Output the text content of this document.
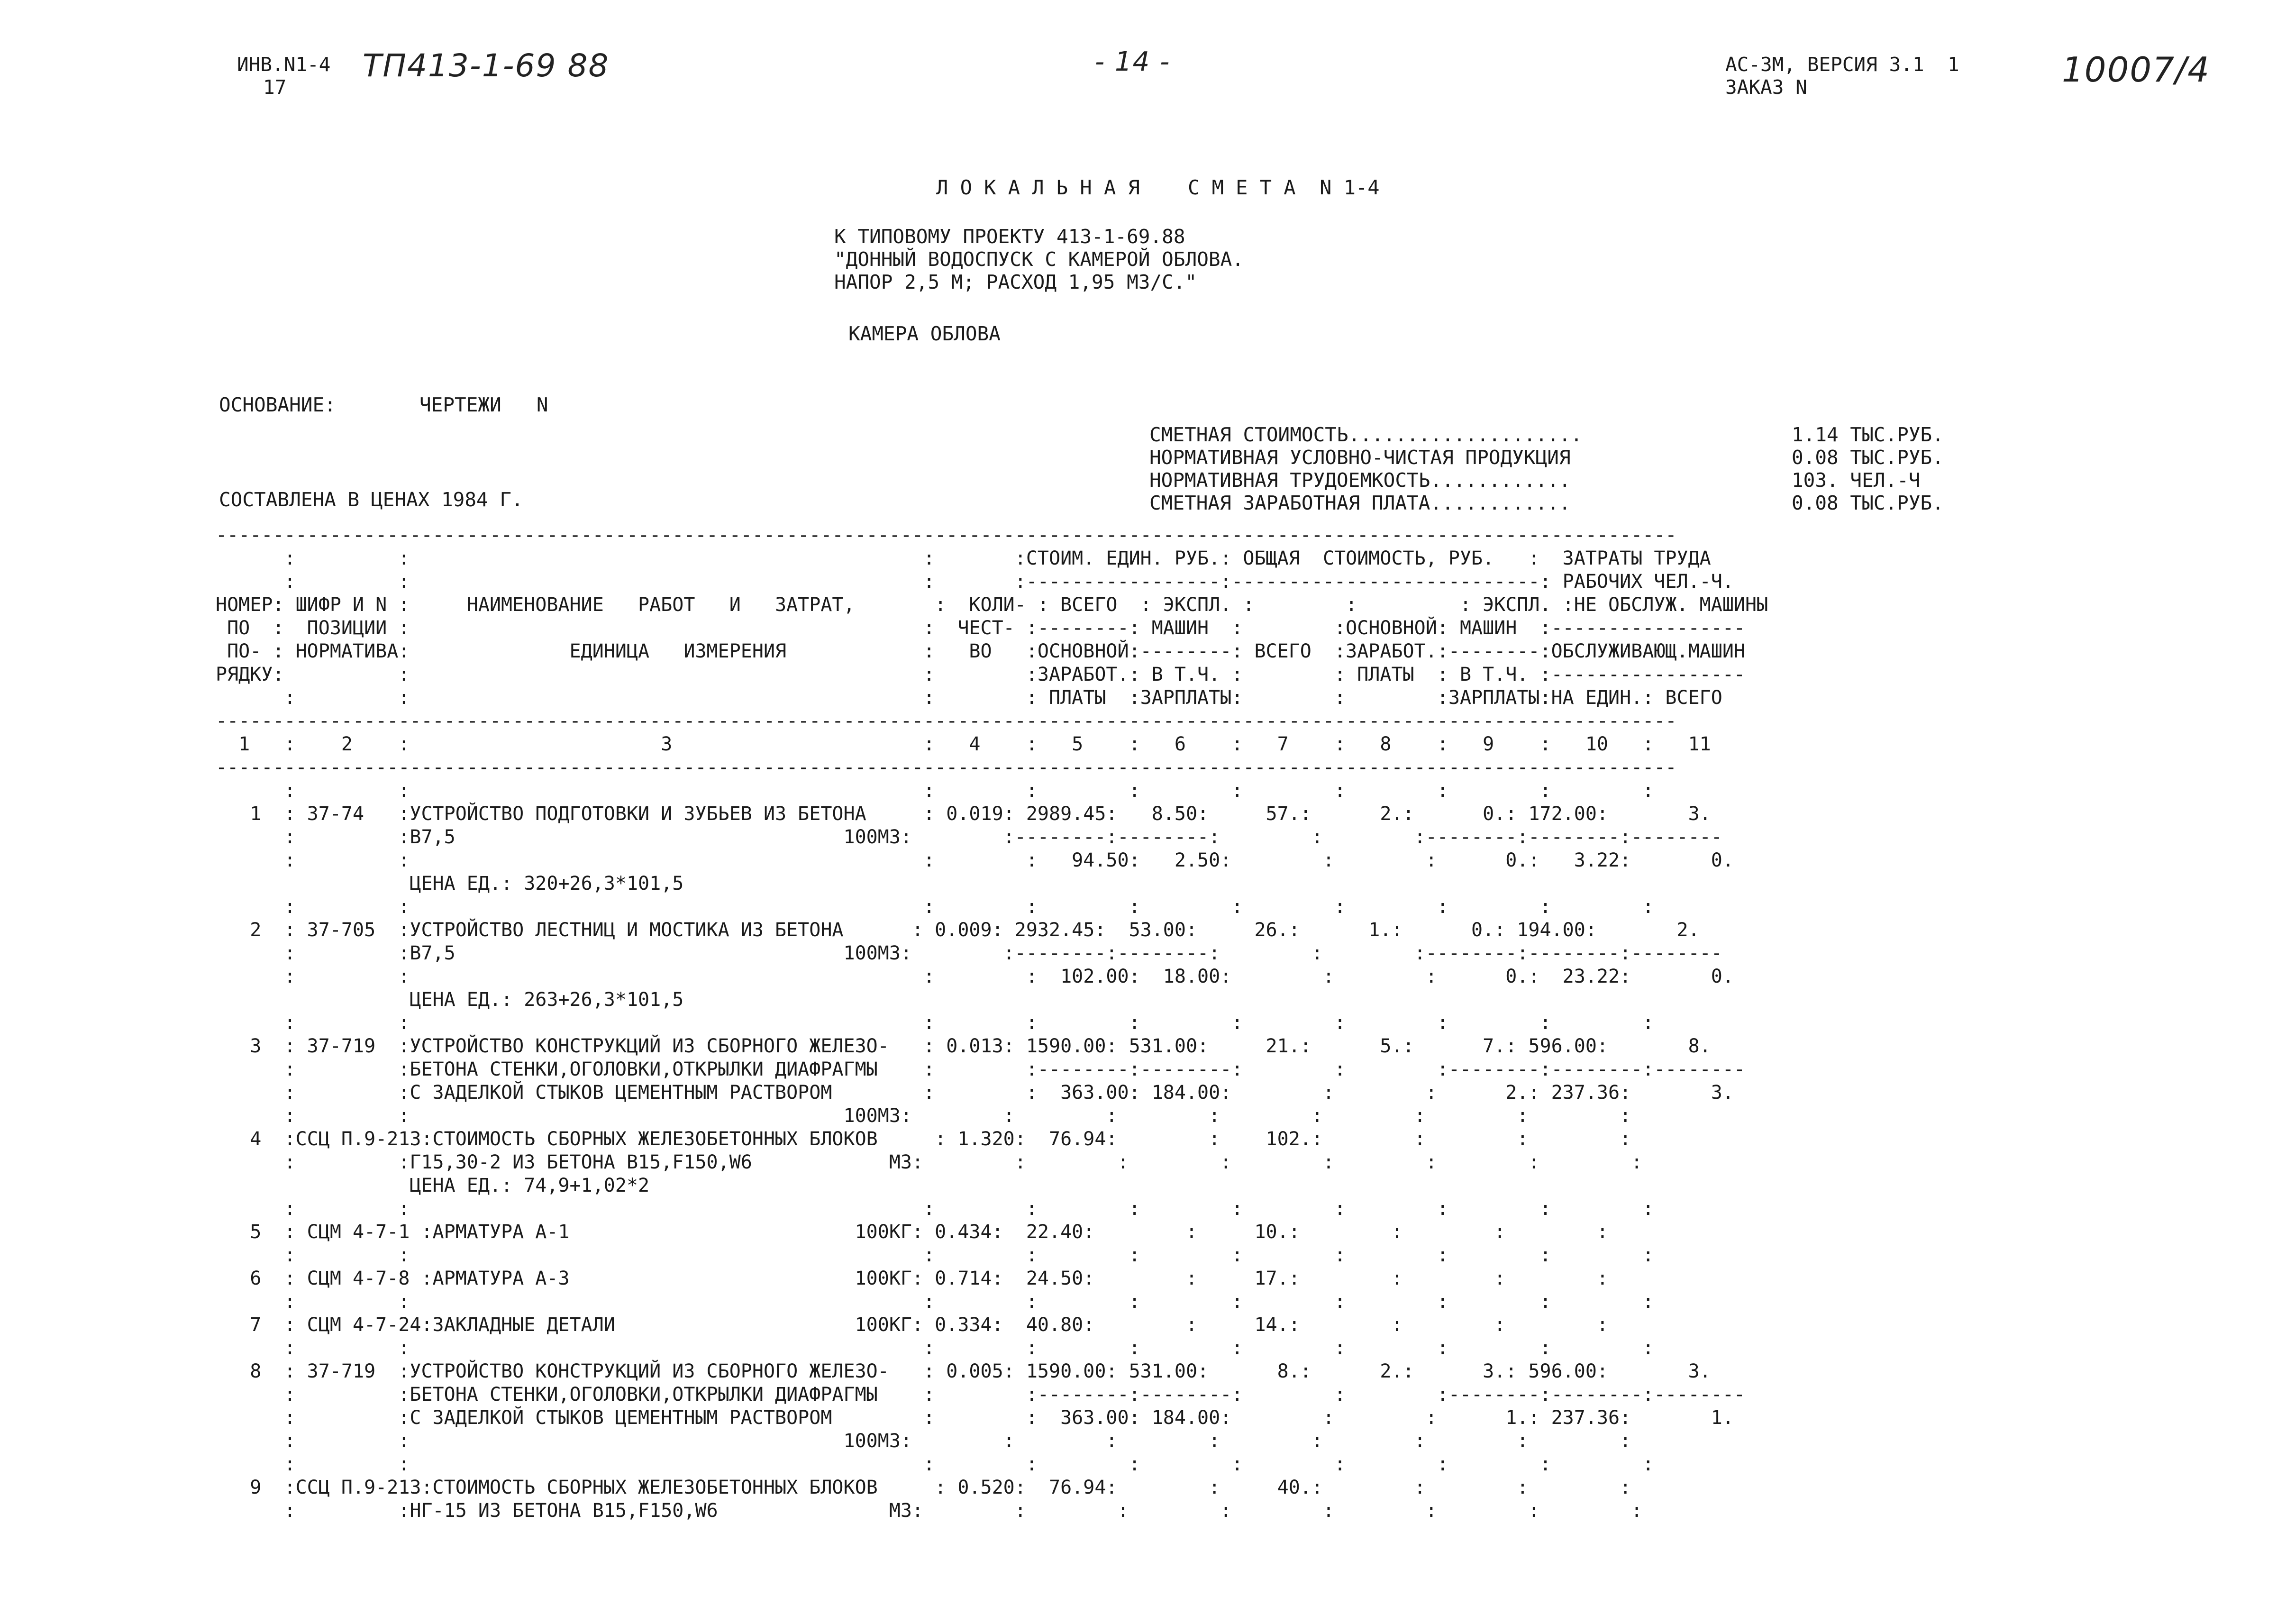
ИНВ.N1-4
17
ТП413-1-69 88	- 14 -	АС-3М, ВЕРСИЯ 3.1  1
ЗАКАЗ N	10007/4
Л О К А Л Ь Н А Я    С М Е Т А  N 1-4
К ТИПОВОМУ ПРОЕКТУ 413-1-69.88
"ДОННЫЙ ВОДОСПУСК С КАМЕРОЙ ОБЛОВА.
НАПОР 2,5 М; РАСХОД 1,95 М3/С."
КАМЕРА ОБЛОВА
ОСНОВАНИЕ:	ЧЕРТЕЖИ   N
СОСТАВЛЕНА В ЦЕНАХ 1984 Г.
СМЕТНАЯ СТОИМОСТЬ....................	1.14 ТЫС.РУБ.
НОРМАТИВНАЯ УСЛОВНО-ЧИСТАЯ ПРОДУКЦИЯ	0.08 ТЫС.РУБ.
НОРМАТИВНАЯ ТРУДОЕМКОСТЬ............	103. ЧЕЛ.-Ч
СМЕТНАЯ ЗАРАБОТНАЯ ПЛАТА............	0.08 ТЫС.РУБ.
--------------------------------------------------------------------------------------------------------------------------------
:         :                                             :       :СТОИМ. ЕДИН. РУБ.: ОБЩАЯ  СТОИМОСТЬ, РУБ.   :  ЗАТРАТЫ ТРУДА
:         :                                             :       :-----------------:---------------------------: РАБОЧИХ ЧЕЛ.-Ч.
НОМЕР: ШИФР И N :     НАИМЕНОВАНИЕ   РАБОТ   И   ЗАТРАТ,       :  КОЛИ- : ВСЕГО  : ЭКСПЛ. :        :         : ЭКСПЛ. :НЕ ОБСЛУЖ. МАШИНЫ
ПО  :  ПОЗИЦИИ :                                             :  ЧЕСТ- :--------: МАШИН  :        :ОСНОВНОЙ: МАШИН  :-----------------
ПО- : НОРМАТИВА:              ЕДИНИЦА   ИЗМЕРЕНИЯ            :   ВО   :ОСНОВНОЙ:--------: ВСЕГО  :ЗАРАБОТ.:--------:ОБСЛУЖИВАЮЩ.МАШИН
РЯДКУ:          :                                             :        :ЗАРАБОТ.: В Т.Ч. :        : ПЛАТЫ  : В Т.Ч. :-----------------
:         :                                             :        : ПЛАТЫ  :ЗАРПЛАТЫ:        :        :ЗАРПЛАТЫ:НА ЕДИН.: ВСЕГО
--------------------------------------------------------------------------------------------------------------------------------
1   :    2    :                      3                      :   4    :   5    :   6    :   7    :   8    :   9    :   10   :   11
--------------------------------------------------------------------------------------------------------------------------------
:         :                                             :        :        :        :        :        :        :        :
1  : 37-74   :УСТРОЙСТВО ПОДГОТОВКИ И ЗУБЬЕВ ИЗ БЕТОНА     : 0.019: 2989.45:   8.50:     57.:      2.:      0.: 172.00:       3.
:         :В7,5                                  100М3:        :--------:--------:        :        :--------:--------:--------
:         :                                             :        :   94.50:   2.50:        :        :      0.:   3.22:       0.
ЦЕНА ЕД.: 320+26,3*101,5
:         :                                             :        :        :        :        :        :        :        :
2  : 37-705  :УСТРОЙСТВО ЛЕСТНИЦ И МОСТИКА ИЗ БЕТОНА      : 0.009: 2932.45:  53.00:     26.:      1.:      0.: 194.00:       2.
:         :В7,5                                  100М3:        :--------:--------:        :        :--------:--------:--------
:         :                                             :        :  102.00:  18.00:        :        :      0.:  23.22:       0.
ЦЕНА ЕД.: 263+26,3*101,5
:         :                                             :        :        :        :        :        :        :        :
3  : 37-719  :УСТРОЙСТВО КОНСТРУКЦИЙ ИЗ СБОРНОГО ЖЕЛЕЗО-   : 0.013: 1590.00: 531.00:     21.:      5.:      7.: 596.00:       8.
:         :БЕТОНА СТЕНКИ,ОГОЛОВКИ,ОТКРЫЛКИ ДИАФРАГМЫ    :        :--------:--------:        :        :--------:--------:--------
:         :С ЗАДЕЛКОЙ СТЫКОВ ЦЕМЕНТНЫМ РАСТВОРОМ        :        :  363.00: 184.00:        :        :      2.: 237.36:       3.
:         :                                      100М3:        :        :        :        :        :        :        :
4  :ССЦ П.9-213:СТОИМОСТЬ СБОРНЫХ ЖЕЛЕЗОБЕТОННЫХ БЛОКОВ     : 1.320:  76.94:        :    102.:        :        :        :
:         :Г15,30-2 ИЗ БЕТОНА В15,F150,W6            М3:        :        :        :        :        :        :        :
ЦЕНА ЕД.: 74,9+1,02*2
:         :                                             :        :        :        :        :        :        :        :
5  : СЦМ 4-7-1 :АРМАТУРА А-1                         100КГ: 0.434:  22.40:        :     10.:        :        :        :
:         :                                             :        :        :        :        :        :        :        :
6  : СЦМ 4-7-8 :АРМАТУРА А-3                         100КГ: 0.714:  24.50:        :     17.:        :        :        :
:         :                                             :        :        :        :        :        :        :        :
7  : СЦМ 4-7-24:ЗАКЛАДНЫЕ ДЕТАЛИ                     100КГ: 0.334:  40.80:        :     14.:        :        :        :
:         :                                             :        :        :        :        :        :        :        :
8  : 37-719  :УСТРОЙСТВО КОНСТРУКЦИЙ ИЗ СБОРНОГО ЖЕЛЕЗО-   : 0.005: 1590.00: 531.00:      8.:      2.:      3.: 596.00:       3.
:         :БЕТОНА СТЕНКИ,ОГОЛОВКИ,ОТКРЫЛКИ ДИАФРАГМЫ    :        :--------:--------:        :        :--------:--------:--------
:         :С ЗАДЕЛКОЙ СТЫКОВ ЦЕМЕНТНЫМ РАСТВОРОМ        :        :  363.00: 184.00:        :        :      1.: 237.36:       1.
:         :                                      100М3:        :        :        :        :        :        :        :
:         :                                             :        :        :        :        :        :        :        :
9  :ССЦ П.9-213:СТОИМОСТЬ СБОРНЫХ ЖЕЛЕЗОБЕТОННЫХ БЛОКОВ     : 0.520:  76.94:        :     40.:        :        :        :
:         :НГ-15 ИЗ БЕТОНА В15,F150,W6               М3:        :        :        :        :        :        :        :
